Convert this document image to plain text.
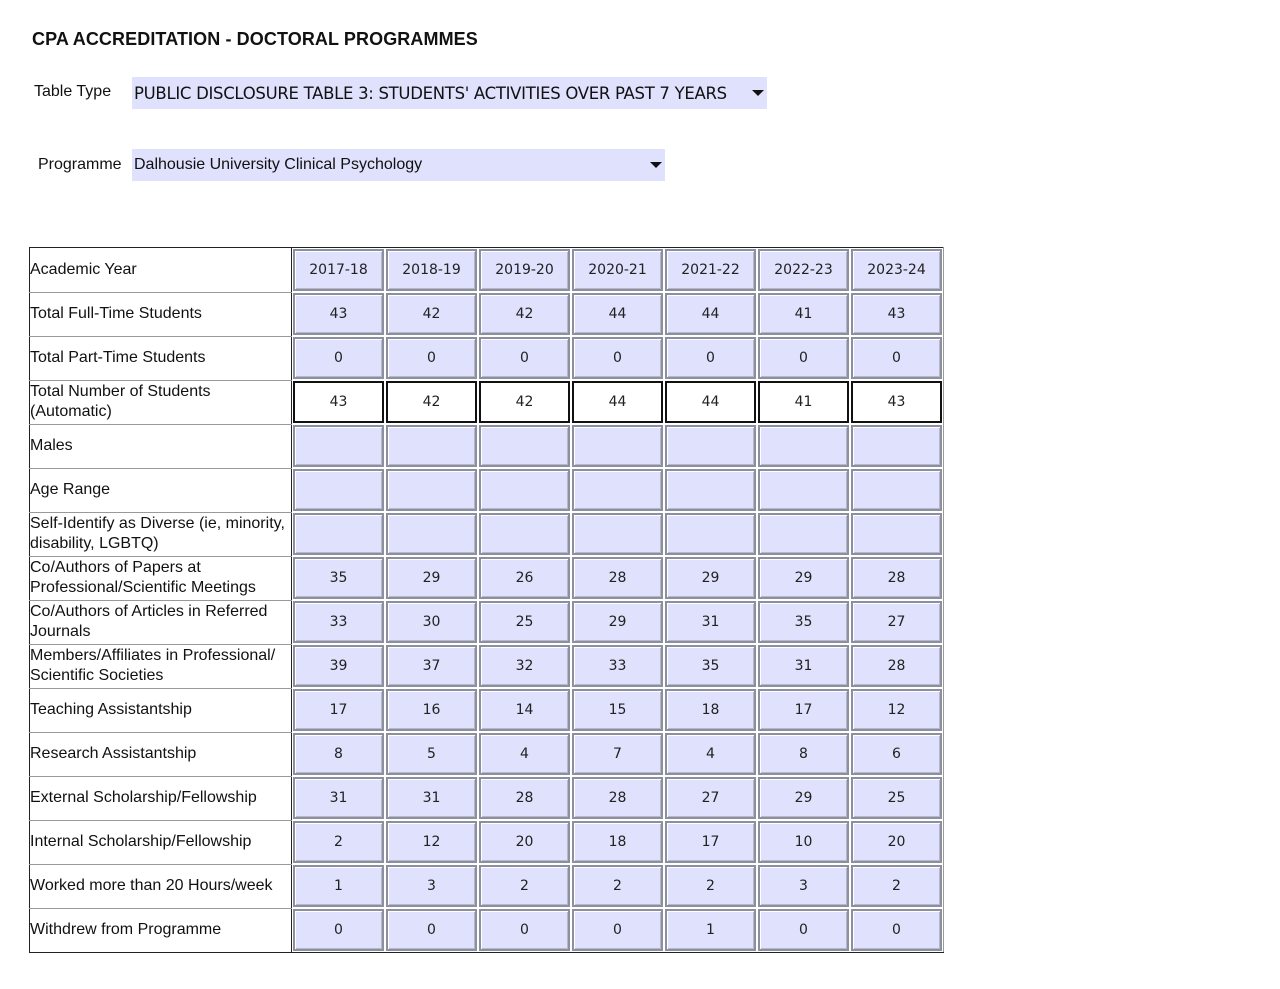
CPA ACCREDITATION - DOCTORAL PROGRAMMES
Table Type PUBLIC DISCLOSURE TABLE 3: STUDENTS' ACTIVITIES OVER PAST 7 YEARS
Programme Dalhousie University Clinical Psychology
Academic Year	2017-18	2018-19	2019-20	2020-21	2021-22	2022-23	2023-24

Total Full-Time Students	43	42	42	44	44	41	43

Total Part-Time Students	0	0	0	0	0	0	0

Total Number of Students (Automatic)	43	42	42	44	44	41	43

Males	

Age Range	

Self-Identify as Diverse (ie, minority, disability, LGBTQ)	

Co/Authors of Papers at Professional/Scientific Meetings	35	29	26	28	29	29	28

Co/Authors of Articles in Referred Journals	33	30	25	29	31	35	27

Members/Affiliates in Professional/ Scientific Societies	39	37	32	33	35	31	28

Teaching Assistantship	17	16	14	15	18	17	12

Research Assistantship	8	5	4	7	4	8	6

External Scholarship/Fellowship	31	31	28	28	27	29	25

Internal Scholarship/Fellowship	2	12	20	18	17	10	20

Worked more than 20 Hours/week	1	3	2	2	2	3	2

Withdrew from Programme	0	0	0	0	1	0	0
